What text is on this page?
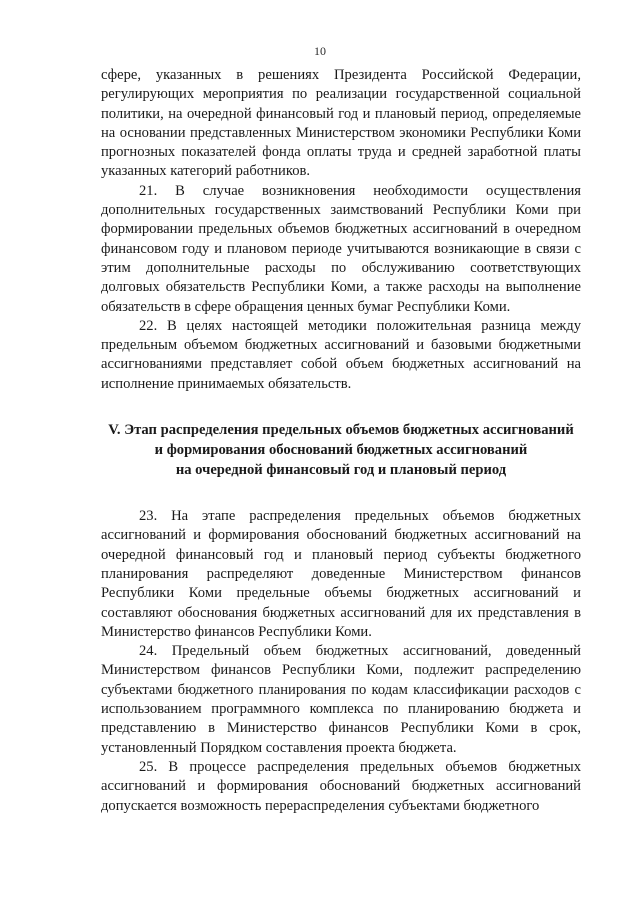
10

сфере, указанных в решениях Президента Российской Федерации, регулирующих мероприятия по реализации государственной социальной политики, на очередной финансовый год и плановый период, определяемые на основании представленных Министерством экономики Республики Коми прогнозных показателей фонда оплаты труда и средней заработной платы указанных категорий работников.

21. В случае возникновения необходимости осуществления дополнительных государственных заимствований Республики Коми при формировании предельных объемов бюджетных ассигнований в очередном финансовом году и плановом периоде учитываются возникающие в связи с этим дополнительные расходы по обслуживанию соответствующих долговых обязательств Республики Коми, а также расходы на выполнение обязательств в сфере обращения ценных бумаг Республики Коми.

22. В целях настоящей методики положительная разница между предельным объемом бюджетных ассигнований и базовыми бюджетными ассигнованиями представляет собой объем бюджетных ассигнований на исполнение принимаемых обязательств.

V. Этап распределения предельных объемов бюджетных ассигнований
и формирования обоснований бюджетных ассигнований
на очередной финансовый год и плановый период

23. На этапе распределения предельных объемов бюджетных ассигнований и формирования обоснований бюджетных ассигнований на очередной финансовый год и плановый период субъекты бюджетного планирования распределяют доведенные Министерством финансов Республики Коми предельные объемы бюджетных ассигнований и составляют обоснования бюджетных ассигнований для их представления в Министерство финансов Республики Коми.

24. Предельный объем бюджетных ассигнований, доведенный Министерством финансов Республики Коми, подлежит распределению субъектами бюджетного планирования по кодам классификации расходов с использованием программного комплекса по планированию бюджета и представлению в Министерство финансов Республики Коми в срок, установленный Порядком составления проекта бюджета.

25. В процессе распределения предельных объемов бюджетных ассигнований и формирования обоснований бюджетных ассигнований допускается возможность перераспределения субъектами бюджетного
